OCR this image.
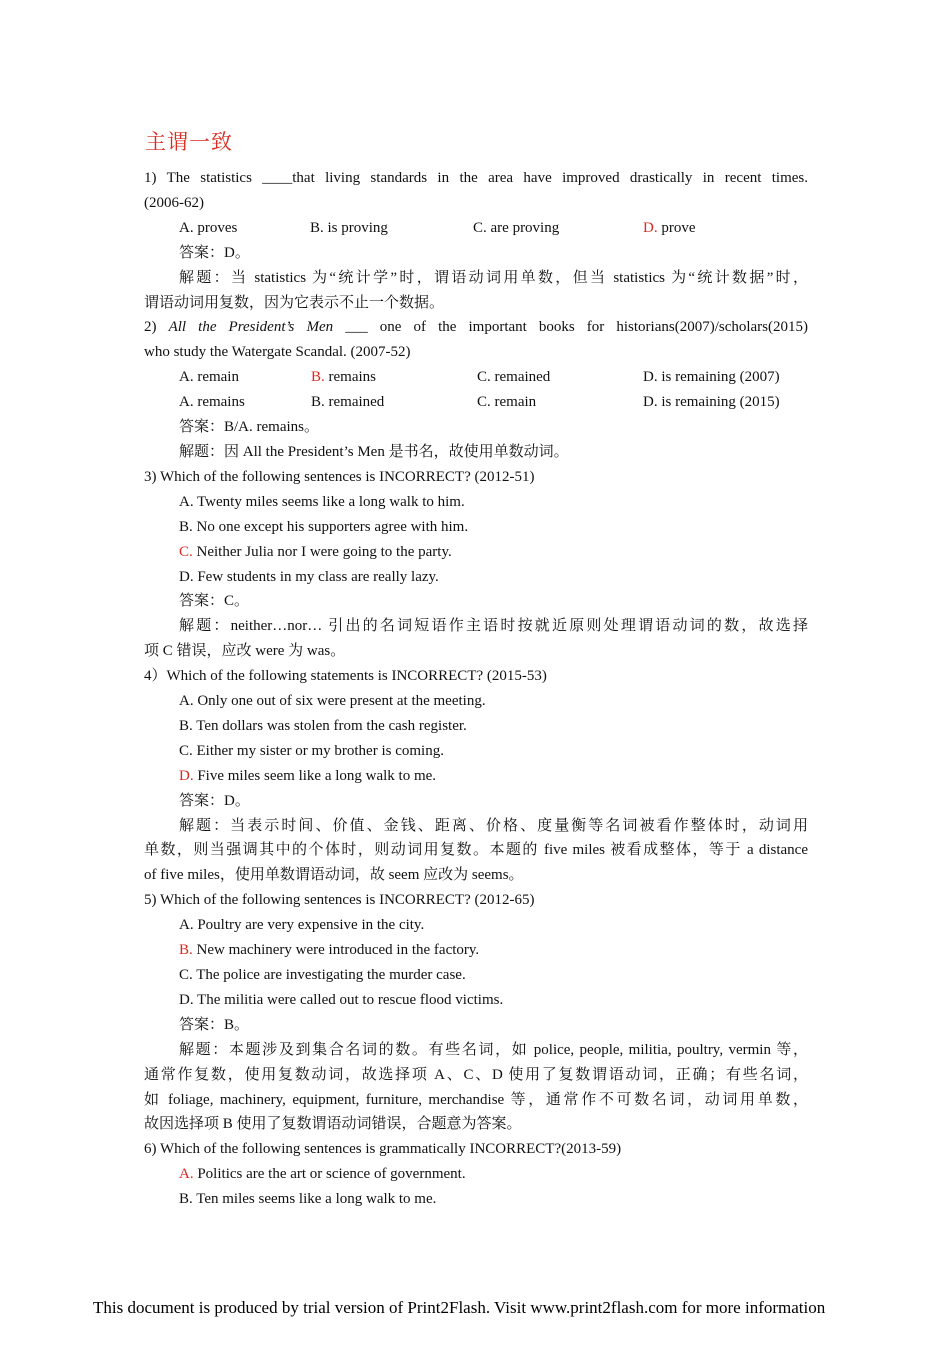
主谓一致
1) The statistics ____that living standards in the area have improved drastically in recent times.
(2006-62)
A. proves	B. is proving	C. are proving	D. prove
答案：D。
解题：当 statistics 为“统计学”时，谓语动词用单数，但当 statistics 为“统计数据”时，
谓语动词用复数，因为它表示不止一个数据。
2) All the President’s Men ___ one of the important books for historians(2007)/scholars(2015)
who study the Watergate Scandal. (2007-52)
A. remain	B. remains	C. remained	D. is remaining (2007)
A. remains	B. remained	C. remain	D. is remaining (2015)
答案：B/A. remains。
解题：因 All the President’s Men 是书名，故使用单数动词。
3) Which of the following sentences is INCORRECT? (2012-51)
A. Twenty miles seems like a long walk to him.
B. No one except his supporters agree with him.
C. Neither Julia nor I were going to the party.
D. Few students in my class are really lazy.
答案：C。
解题：neither…nor… 引出的名词短语作主语时按就近原则处理谓语动词的数，故选择
项 C 错误，应改 were 为 was。
4）Which of the following statements is INCORRECT? (2015-53)
A. Only one out of six were present at the meeting.
B. Ten dollars was stolen from the cash register.
C. Either my sister or my brother is coming.
D. Five miles seem like a long walk to me.
答案：D。
解题：当表示时间、价值、金钱、距离、价格、度量衡等名词被看作整体时，动词用
单数，则当强调其中的个体时，则动词用复数。本题的 five miles 被看成整体，等于 a distance
of five miles，使用单数谓语动词，故 seem 应改为 seems。
5) Which of the following sentences is INCORRECT? (2012-65)
A. Poultry are very expensive in the city.
B. New machinery were introduced in the factory.
C. The police are investigating the murder case.
D. The militia were called out to rescue flood victims.
答案：B。
解题：本题涉及到集合名词的数。有些名词，如 police, people, militia, poultry, vermin 等，
通常作复数，使用复数动词，故选择项 A、C、D 使用了复数谓语动词，正确；有些名词，
如 foliage, machinery, equipment, furniture, merchandise 等，通常作不可数名词，动词用单数，
故因选择项 B 使用了复数谓语动词错误，合题意为答案。
6) Which of the following sentences is grammatically INCORRECT?(2013-59)
A. Politics are the art or science of government.
B. Ten miles seems like a long walk to me.
This document is produced by trial version of Print2Flash. Visit www.print2flash.com for more information
